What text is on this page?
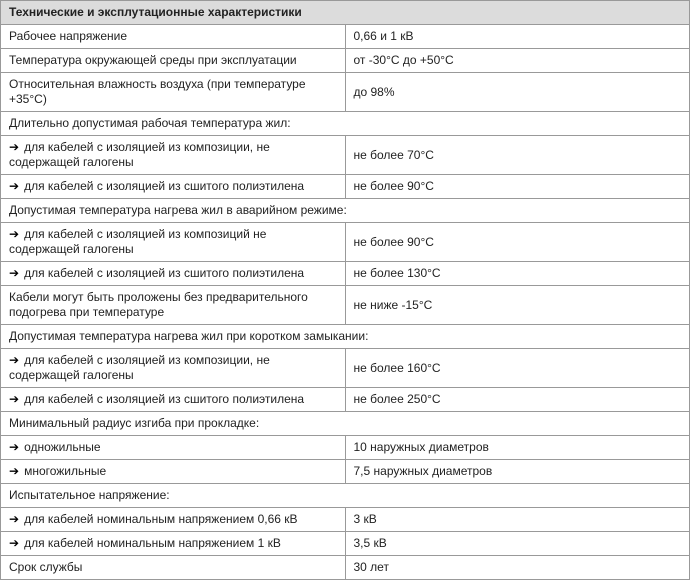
Технические и эксплутационные характеристики	
Рабочее напряжение	0,66 и 1 кВ
Температура окружающей среды при эксплуатации	от -30°С до +50°С
Относительная влажность воздуха (при температуре +35°С)	до 98%
Длительно допустимая рабочая температура жил:	
➔ для кабелей с изоляцией из композиции, не содержащей галогены	не более 70°С
➔ для кабелей с изоляцией из сшитого полиэтилена	не более 90°С
Допустимая температура нагрева жил в аварийном режиме:	
➔ для кабелей с изоляцией из композиций не содержащей галогены	не более 90°С
➔ для кабелей с изоляцией из сшитого полиэтилена	не более 130°С
Кабели могут быть проложены без предварительного подогрева при температуре	не ниже -15°С
Допустимая температура нагрева жил при коротком замыкании:	
➔ для кабелей с изоляцией из композиции, не содержащей галогены	не более 160°С
➔ для кабелей с изоляцией из сшитого полиэтилена	не более 250°С
Минимальный радиус изгиба при прокладке:	
➔ одножильные	10 наружных диаметров
➔ многожильные	7,5 наружных диаметров
Испытательное напряжение:	
➔ для кабелей номинальным напряжением 0,66 кВ	3 кВ
➔ для кабелей номинальным напряжением 1 кВ	3,5 кВ
Срок службы	30 лет
